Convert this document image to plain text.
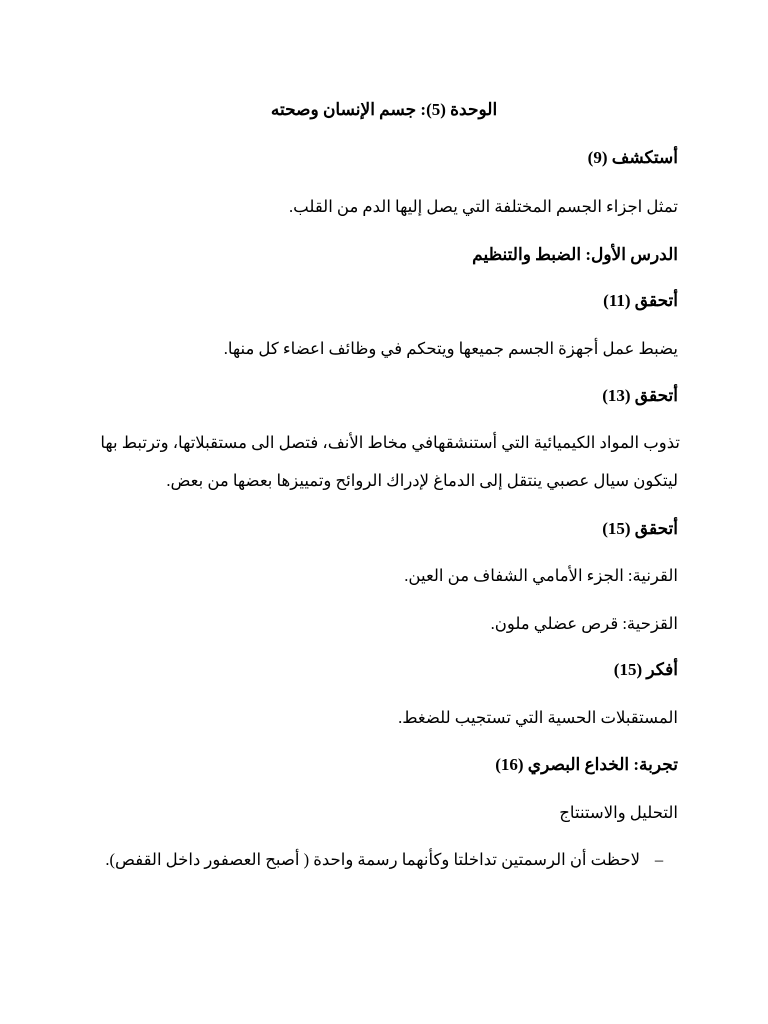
الوحدة (5): جسم الإنسان وصحته
أستكشف (9)
تمثل اجزاء الجسم المختلفة التي يصل إليها الدم من القلب.
الدرس الأول: الضبط والتنظيم
أتحقق (11)
يضبط عمل أجهزة الجسم جميعها ويتحكم في وظائف اعضاء كل منها.
أتحقق (13)
تذوب المواد الكيميائية التي أستنشقهافي مخاط الأنف، فتصل الى مستقبلاتها، وترتبط بها
ليتكون سيال عصبي ينتقل إلى الدماغ لإدراك الروائح وتمييزها بعضها من بعض.
أتحقق (15)
القرنية: الجزء الأمامي الشفاف من العين.
القزحية: قرص عضلي ملون.
أفكر (15)
المستقبلات الحسية التي تستجيب للضغط.
تجربة: الخداع البصري (16)
التحليل والاستنتاج
–لاحظت أن الرسمتين تداخلتا وكأنهما رسمة واحدة ( أصبح العصفور داخل القفص).
